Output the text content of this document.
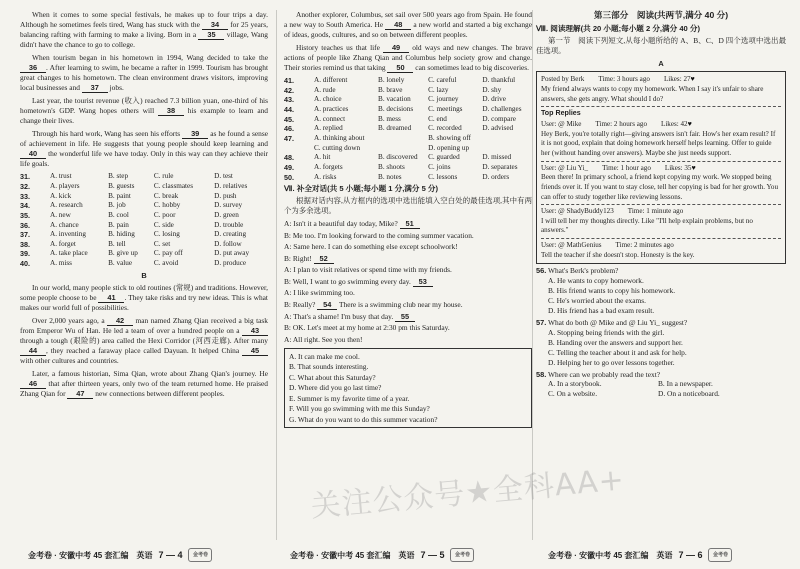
When it comes to some special festivals, he makes up to four trips a day. Although he sometimes feels tired, Wang has stuck with the 34 for 25 years, balancing rafting with farming to make a living. Born in a 35 village, Wang didn't have the chance to go to college.

When tourism began in his hometown in 1994, Wang decided to take the 36 . After learning to swim, he became a rafter in 1999. Tourism has brought great changes to his hometown. The clean environment draws visitors, improving local businesses and 37 jobs.

Last year, the tourist revenue (收入) reached 7.3 billion yuan, one-third of his hometown's GDP. Wang hopes others will 38 his example to learn and change their lives.

Through his hard work, Wang has seen his efforts 39 as he found a sense of achievement in life. He suggests that young people should keep learning and 40 the wonderful life we have today. Only in this way can they achieve their life goals.

31.	A. trust	B. step	C. rule	D. test
32.	A. players	B. guests	C. classmates	D. relatives
33.	A. kick	B. paint	C. break	D. push
34.	A. research	B. job	C. hobby	D. survey
35.	A. new	B. cool	C. poor	D. green
36.	A. chance	B. pain	C. side	D. trouble
37.	A. inventing	B. hiding	C. losing	D. creating
38.	A. forget	B. tell	C. set	D. follow
39.	A. take place	B. give up	C. pay off	D. put away
40.	A. miss	B. value	C. avoid	D. produce
B

In our world, many people stick to old routines (常规) and traditions. However, some people choose to be 41 . They take risks and try new ideas. This is what makes our world full of possibilities.

Over 2,000 years ago, a 42 man named Zhang Qian received a big task from Emperor Wu of Han. He led a team of over a hundred people on a 43 through a tough (艰险的) area called the Hexi Corridor (河西走廊). After many 44 , they reached a faraway place called Dayuan. It helped China 45 with other cultures and countries.

Later, a famous historian, Sima Qian, wrote about Zhang Qian's journey. He 46 that after thirteen years, only two of the team returned home. He praised Zhang Qian for 47 new connections between different peoples.

Another explorer, Columbus, set sail over 500 years ago from Spain. He found a new way to South America. He 48 a new world and started a big exchange of ideas, goods, cultures, and so on between different peoples.

History teaches us that life 49 old ways and new changes. The brave actions of people like Zhang Qian and Columbus help society grow and change. Their stories remind us that taking 50 can sometimes lead to big discoveries.

41.	A. different	B. lonely	C. careful	D. thankful
42.	A. rude	B. brave	C. lazy	D. shy
43.	A. choice	B. vacation	C. journey	D. drive
44.	A. practices	B. decisions	C. meetings	D. challenges
45.	A. connect	B. mess	C. end	D. compare
46.	A. replied	B. dreamed	C. recorded	D. advised
47.	A. thinking about		B. showing off	
	C. cutting down		D. opening up	
48.	A. hit	B. discovered	C. guarded	D. missed
49.	A. forgets	B. shoots	C. joins	D. separates
50.	A. risks	B. notes	C. lessons	D. orders
Ⅶ. 补全对话(共 5 小题;每小题 1 分,满分 5 分)

根据对话内容,从方框内的选项中选出能填入空白处的最佳选项,其中有两个为多余选项。

A: Isn't it a beautiful day today, Mike? 51
B: Me too. I'm looking forward to the coming summer vacation.
A: Same here. I can do something else except schoolwork!
B: Right! 52
A: I plan to visit relatives or spend time with my friends.
B: Well, I want to go swimming every day. 53
A: I like swimming too.
B: Really? 54 There is a swimming club near my house.
A: That's a shame! I'm busy that day. 55
B: OK. Let's meet at my home at 2:30 pm this Saturday.
A: All right. See you then!
A. It can make me cool.
B. That sounds interesting.
C. What about this Saturday?
D. Where did you go last time?
E. Summer is my favorite time of a year.
F. Will you go swimming with me this Sunday?
G. What do you want to do this summer vacation?
第三部分　阅读(共两节,满分 40 分)
Ⅷ. 阅读理解(共 20 小题;每小题 2 分,满分 40 分)

第一节　阅读下列短文,从每小题所给的 A、B、C、D 四个选项中选出最佳选项。

A
Posted by Berk Time: 3 hours ago Likes: 27♥
My friend always wants to copy my homework. When I say it's unfair to share answers, she gets angry. What should I do?
Top Replies
User: @ Mike Time: 2 hours ago Likes: 42♥
Hey Berk, you're totally right—giving answers isn't fair. How's her exam result? If it is not good, explain that doing homework herself helps learning. Offer to guide her (without handing over answers). Maybe she just needs support.
User: @ Liu Yi_ Time: 1 hour ago Likes: 35♥
Been there! In primary school, a friend kept copying my work. We stopped being friends over it. If you want to stay close, tell her copying is bad for her growth. You can offer to study together like reviewing lessons.
User: @ ShadyBuddy123 Time: 1 minute ago
I will tell her my thoughts directly. Like "I'll help explain problems, but no answers."
User: @ MathGenius Time: 2 minutes ago
Tell the teacher if she doesn't stop. Honesty is the key.
56. What's Berk's problem?
A. He wants to copy homework.
B. His friend wants to copy his homework.
C. He's worried about the exams.
D. His friend has a bad exam result.
57. What do both @ Mike and @ Liu Yi_ suggest?
A. Stopping being friends with the girl.
B. Handing over the answers and support her.
C. Telling the teacher about it and ask for help.
D. Helping her to go over lessons together.
58. Where can we probably read the text?
A. In a storybook.	B. In a newspaper.
C. On a website.	D. On a noticeboard.
金考卷 · 安徽中考 45 套汇编　英语 7 — 4	金考卷	金考卷 · 安徽中考 45 套汇编　英语 7 — 5	金考卷	金考卷 · 安徽中考 45 套汇编　英语 7 — 6	金考卷
关注公众号★全科AA+
